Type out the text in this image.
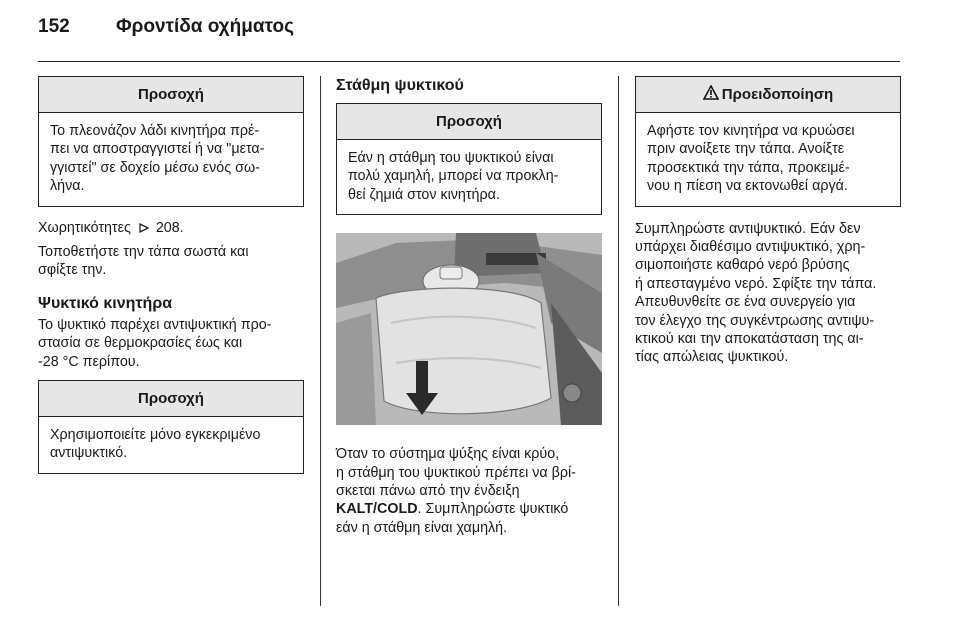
152	Φροντίδα οχήματος
Προσοχή
Το πλεονάζον λάδι κινητήρα πρέ-
πει να αποστραγγιστεί ή να "μετα-
γγιστεί" σε δοχείο μέσω ενός σω-
λήνα.
Χωρητικότητες 208.
Τοποθετήστε την τάπα σωστά και
σφίξτε την.
Ψυκτικό κινητήρα
Το ψυκτικό παρέχει αντιψυκτική προ-
στασία σε θερμοκρασίες έως και
-28 °C περίπου.
Προσοχή
Χρησιμοποιείτε μόνο εγκεκριμένο
αντιψυκτικό.
Στάθμη ψυκτικού
Προσοχή
Εάν η στάθμη του ψυκτικού είναι
πολύ χαμηλή, μπορεί να προκλη-
θεί ζημιά στον κινητήρα.
Όταν το σύστημα ψύξης είναι κρύο,
η στάθμη του ψυκτικού πρέπει να βρί-
σκεται πάνω από την ένδειξη
KALT/COLD. Συμπληρώστε ψυκτικό
εάν η στάθμη είναι χαμηλή.
Προειδοποίηση
Αφήστε τον κινητήρα να κρυώσει
πριν ανοίξετε την τάπα. Ανοίξτε
προσεκτικά την τάπα, προκειμέ-
νου η πίεση να εκτονωθεί αργά.
Συμπληρώστε αντιψυκτικό. Εάν δεν
υπάρχει διαθέσιμο αντιψυκτικό, χρη-
σιμοποιήστε καθαρό νερό βρύσης
ή απεσταγμένο νερό. Σφίξτε την τάπα.
Απευθυνθείτε σε ένα συνεργείο για
τον έλεγχο της συγκέντρωσης αντιψυ-
κτικού και την αποκατάσταση της αι-
τίας απώλειας ψυκτικού.
